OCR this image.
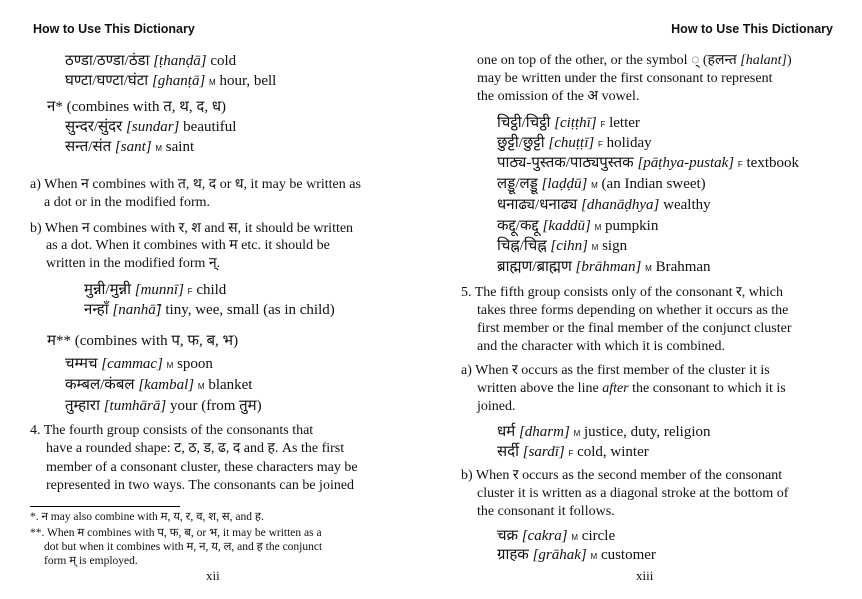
How to Use This Dictionary
ठण्डा/ठण्डा/ठंडा [ṭhanḍā] cold
घण्टा/घण्टा/घंटा [ghanṭā] M hour, bell
न* (combines with त, थ, द, ध)
सुन्दर/सुंदर [sundar] beautiful
सन्त/संत [sant] M saint
a) When न combines with त, थ, द or ध, it may be written as
a dot or in the modified form.
b) When न combines with र, श and स, it should be written
as a dot. When it combines with म etc. it should be
written in the modified form न्.
मुन्नी/मुन्नी [munnī] F child
नन्हाँ [nanhā̃] tiny, wee, small (as in child)
म** (combines with प, फ, ब, भ)
चम्मच [cammac] M spoon
कम्बल/कंबल [kambal] M blanket
तुम्हारा [tumhārā] your (from तुम)
4. The fourth group consists of the consonants that
have a rounded shape: ट, ठ, ड, ढ, द and ह. As the first
member of a consonant cluster, these characters may be
represented in two ways. The consonants can be joined
*. न may also combine with म, य, र, व, श, स, and ह.
**. When म combines with प, फ, ब, or भ, it may be written as a
dot but when it combines with म, न, य, ल, and ह the conjunct
form म् is employed.
xii
How to Use This Dictionary
one on top of the other, or the symbol ् (हलन्त [halant])
may be written under the first consonant to represent
the omission of the अ vowel.
चिट्ठी/चिट्ठी [ciṭṭhī] F letter
छुट्टी/छुट्टी [chuṭṭī] F holiday
पाठ्य-पुस्तक/पाठ्यपुस्तक [pāṭhya-pustak] F textbook
लड्डू/लड्डू [laḍḍū] M (an Indian sweet)
धनाढ्य/धनाढ्य [dhanāḍhya] wealthy
कद्दू/कद्दू [kaddū] M pumpkin
चिह्न/चिह्न [cihn] M sign
ब्राह्मण/ब्राह्मण [brāhman] M Brahman
5. The fifth group consists only of the consonant र, which
takes three forms depending on whether it occurs as the
first member or the final member of the conjunct cluster
and the character with which it is combined.
a) When र occurs as the first member of the cluster it is
written above the line after the consonant to which it is
joined.
धर्म [dharm] M justice, duty, religion
सर्दी [sardī] F cold, winter
b) When र occurs as the second member of the consonant
cluster it is written as a diagonal stroke at the bottom of
the consonant it follows.
चक्र [cakra] M circle
ग्राहक [grāhak] M customer
xiii
